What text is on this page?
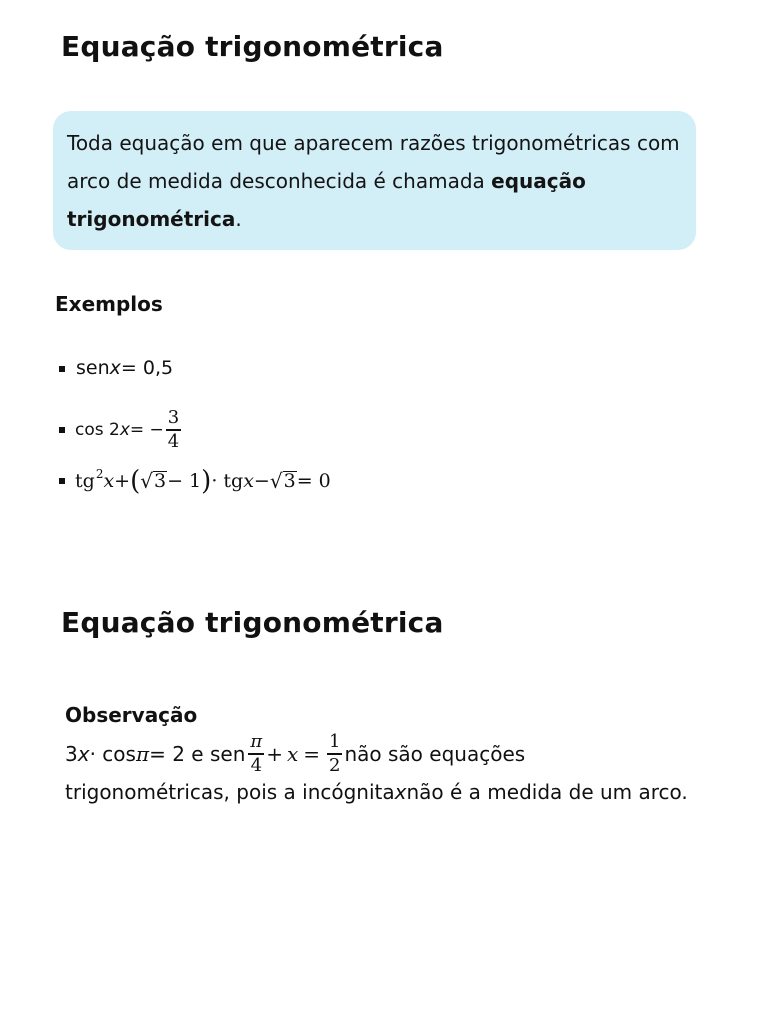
Equação trigonométrica
Toda equação em que aparecem razões trigonométricas com arco de medida desconhecida é chamada equação trigonométrica.
Exemplos
sen x = 0,5
cos 2 x = − $\frac{3}{4}$
$tg^2$ x + ( √ 3 − 1 ) · tg x − √ 3 = 0
Equação trigonométrica
Observação
3 x · cos π = 2 e sen $\frac{\pi}{4} + x = \frac{1}{2}$ não são equações
trigonométricas, pois a incógnita x não é a medida de um arco.
